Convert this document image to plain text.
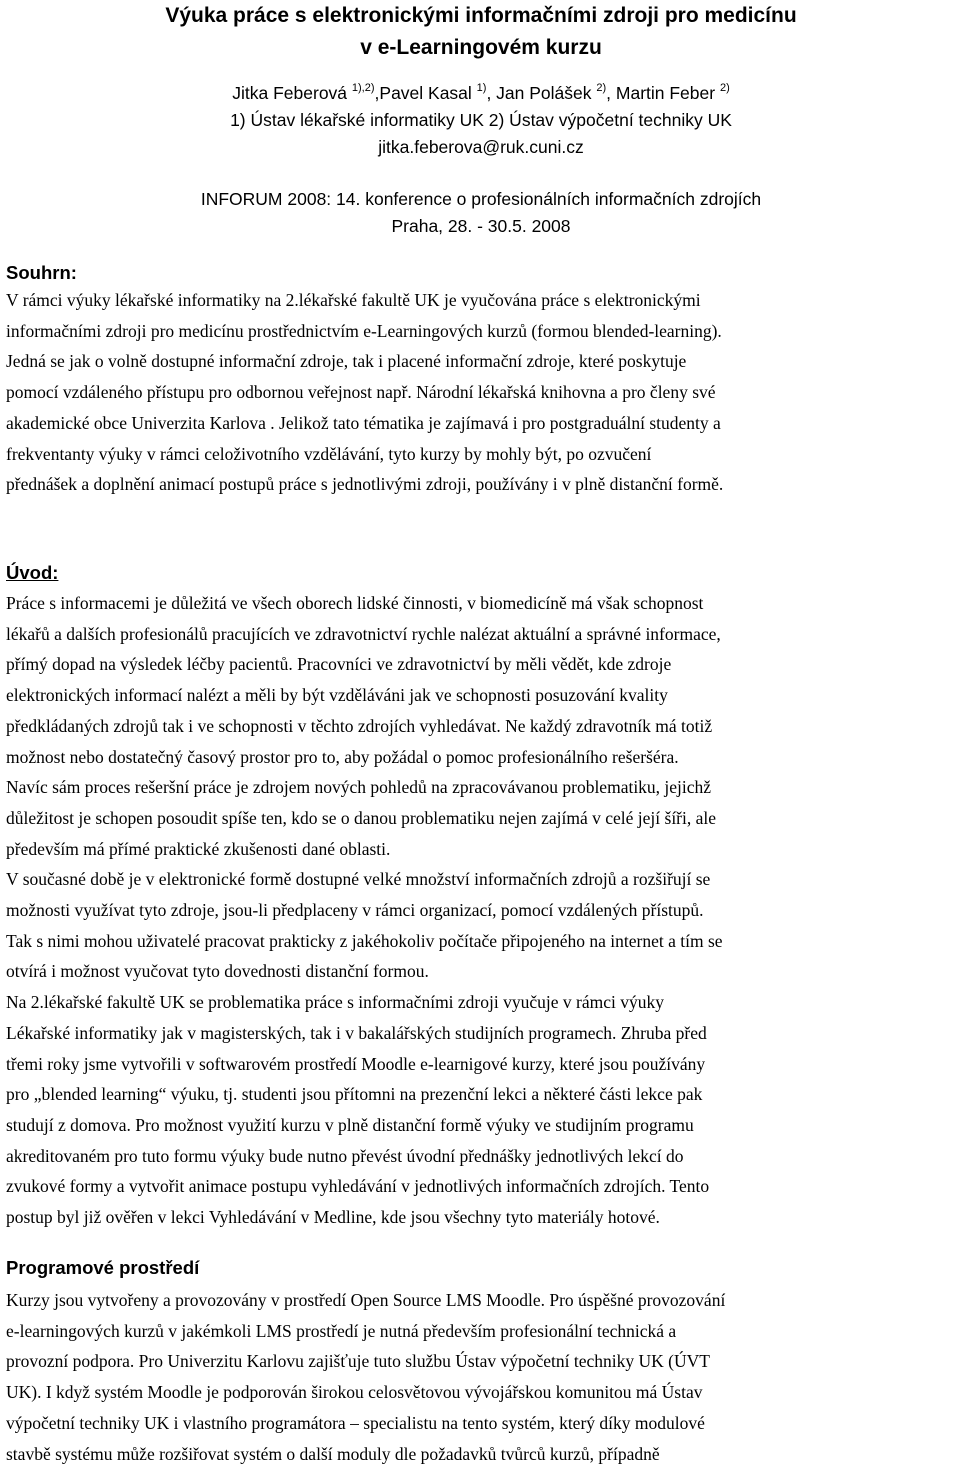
Výuka práce s elektronickými informačními zdroji pro medicínu

v e-Learningovém kurzu

Jitka Feberová $^{1),2)}$,Pavel Kasal $^{1)}$, Jan Polášek $^{2)}$, Martin Feber $^{2)}$

1) Ústav lékařské informatiky UK 2) Ústav výpočetní techniky UK

jitka.feberova@ruk.cuni.cz

INFORUM 2008: 14. konference o profesionálních informačních zdrojích

Praha, 28. - 30.5. 2008

Souhrn:
V rámci výuky lékařské informatiky na 2.lékařské fakultě UK je vyučována práce s elektronickými
informačními zdroji pro medicínu prostřednictvím e-Learningových kurzů (formou blended-learning).
Jedná se jak o volně dostupné informační zdroje, tak i placené informační zdroje, které poskytuje
pomocí vzdáleného přístupu pro odbornou veřejnost např. Národní lékařská knihovna a pro členy své
akademické obce Univerzita Karlova . Jelikož tato tématika je zajímavá i pro postgraduální studenty a
frekventanty výuky v rámci celoživotního vzdělávání, tyto kurzy by mohly být, po ozvučení
přednášek a doplnění animací postupů práce s jednotlivými zdroji, používány i v plně distanční formě.
Úvod:
Práce s informacemi je důležitá ve všech oborech lidské činnosti, v biomedicíně má však schopnost
lékařů a dalších profesionálů pracujících ve zdravotnictví rychle nalézat aktuální a správné informace,
přímý dopad na výsledek léčby pacientů. Pracovníci ve zdravotnictví by měli vědět, kde zdroje
elektronických informací nalézt a měli by být vzděláváni jak ve schopnosti posuzování kvality
předkládaných zdrojů tak i ve schopnosti v těchto zdrojích vyhledávat. Ne každý zdravotník má totiž
možnost nebo dostatečný časový prostor pro to, aby požádal o pomoc profesionálního rešeršéra.
Navíc sám proces rešeršní práce je zdrojem nových pohledů na zpracovávanou problematiku, jejichž
důležitost je schopen posoudit spíše ten, kdo se o danou problematiku nejen zajímá v celé její šíři, ale
především má přímé praktické zkušenosti dané oblasti.
V současné době je v elektronické formě dostupné velké množství informačních zdrojů a rozšiřují se
možnosti využívat tyto zdroje, jsou-li předplaceny v rámci organizací, pomocí vzdálených přístupů.
Tak s nimi mohou uživatelé pracovat prakticky z jakéhokoliv počítače připojeného na internet a tím se
otvírá i možnost vyučovat tyto dovednosti distanční formou.
Na 2.lékařské fakultě UK se problematika práce s informačními zdroji vyučuje v rámci výuky
Lékařské informatiky jak v magisterských, tak i v bakalářských studijních programech. Zhruba před
třemi roky jsme vytvořili v softwarovém prostředí Moodle e-learnigové kurzy, které jsou používány
pro „blended learning“ výuku, tj. studenti jsou přítomni na prezenční lekci a některé části lekce pak
studují z domova. Pro možnost využití kurzu v plně distanční formě výuky ve studijním programu
akreditovaném pro tuto formu výuky bude nutno převést úvodní přednášky jednotlivých lekcí do
zvukové formy a vytvořit animace postupu vyhledávání v jednotlivých informačních zdrojích. Tento
postup byl již ověřen v lekci Vyhledávání v Medline, kde jsou všechny tyto materiály hotové.
Programové prostředí
Kurzy jsou vytvořeny a provozovány v prostředí Open Source LMS Moodle. Pro úspěšné provozování
e-learningových kurzů v jakémkoli LMS prostředí je nutná především profesionální technická a
provozní podpora. Pro Univerzitu Karlovu zajišťuje tuto službu Ústav výpočetní techniky UK (ÚVT
UK). I když systém Moodle je podporován širokou celosvětovou vývojářskou komunitou má Ústav
výpočetní techniky UK i vlastního programátora – specialistu na tento systém, který díky modulové
stavbě systému může rozšiřovat systém o další moduly dle požadavků tvůrců kurzů, případně
